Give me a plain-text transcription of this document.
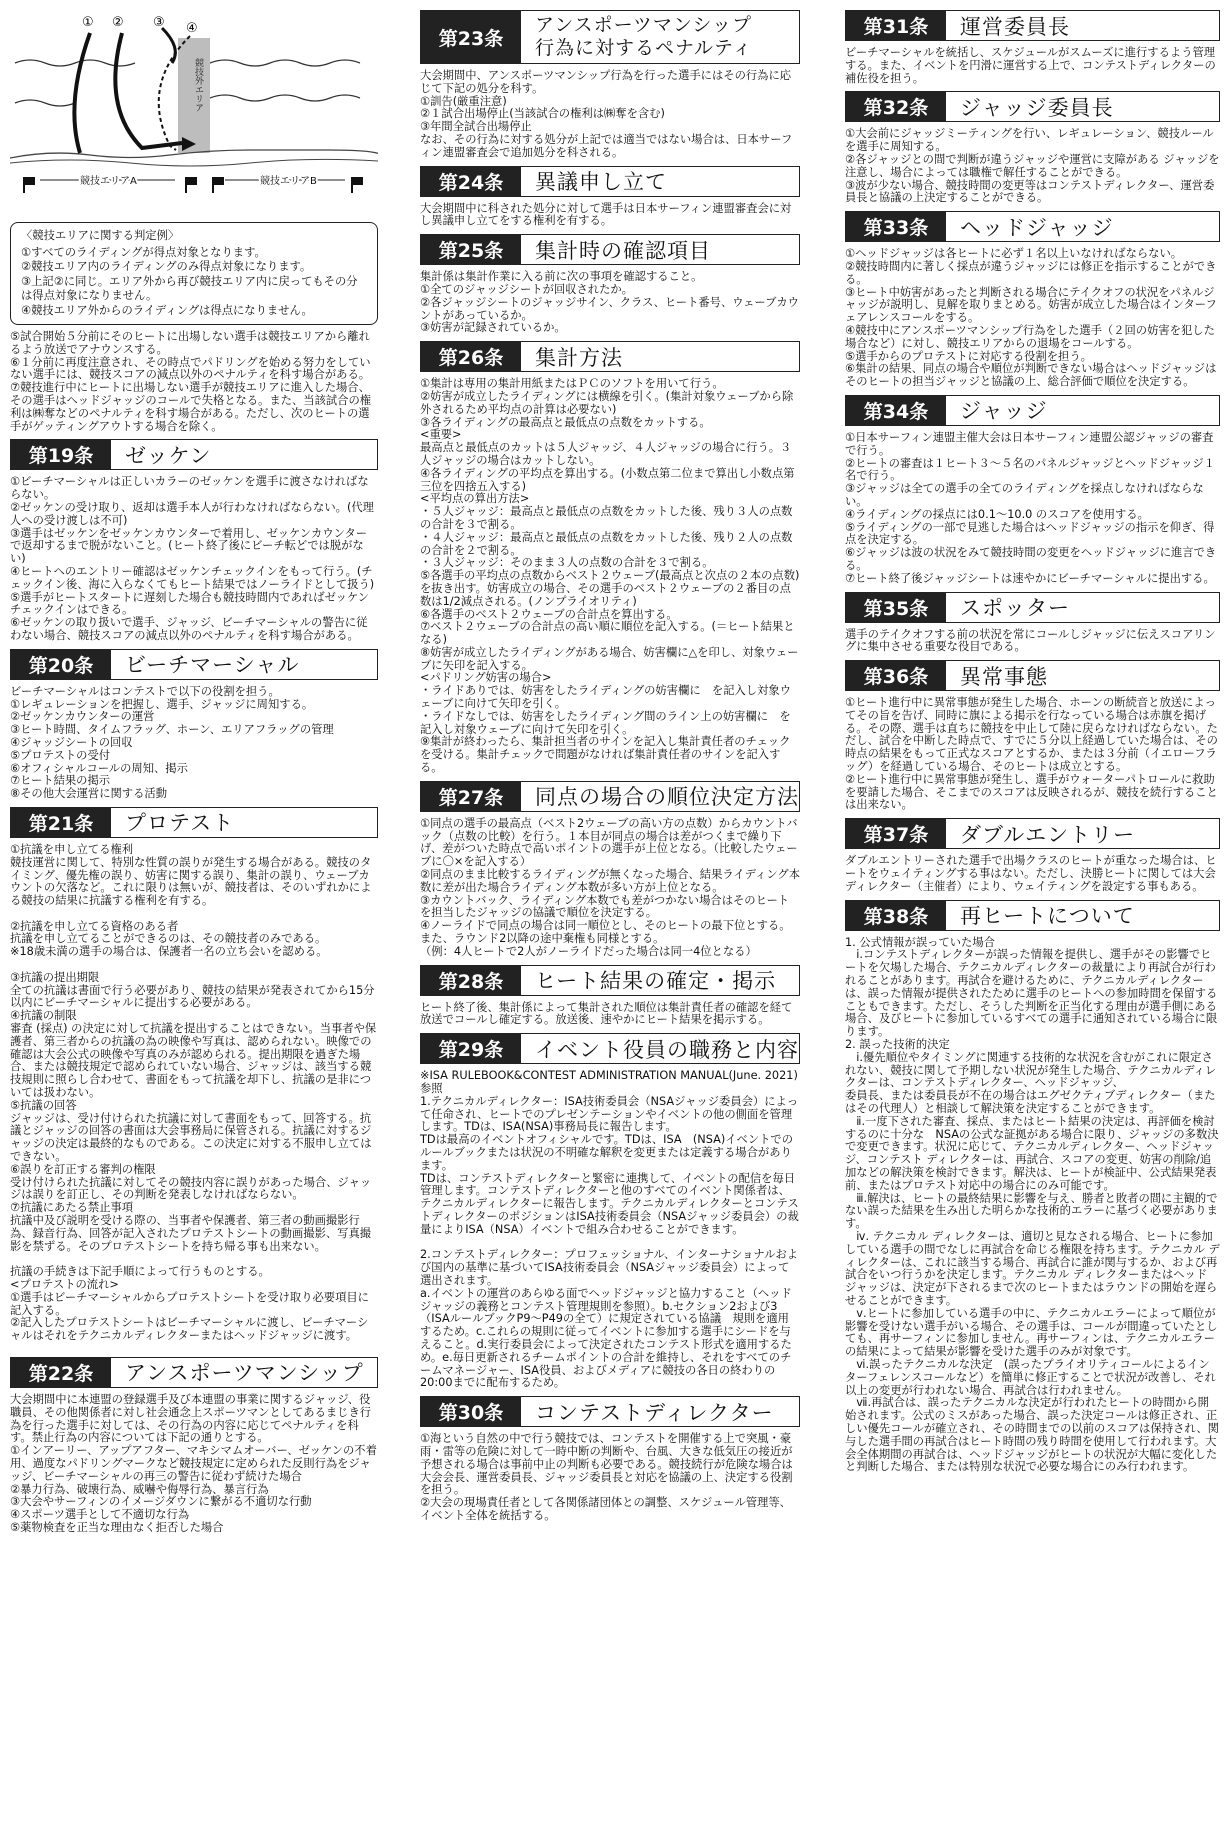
競技外エリア
① ② ③ ④
競技エリアA	競技エリアB
〈競技エリアに関する判定例〉
①すべてのライディングが得点対象となります。
②競技エリア内のライディングのみ得点対象になります。
③上記②に同じ。エリア外から再び競技エリア内に戻ってもその分は得点対象になりません。
④競技エリア外からのライディングは得点になりません。

⑤試合開始５分前にそのヒートに出場しない選手は競技エリアから離れるよう放送でアナウンスする。
⑥１分前に再度注意され、その時点でパドリングを始める努力をしていない選手には、競技スコアの減点以外のペナルティを科す場合がある。
⑦競技進行中にヒートに出場しない選手が競技エリアに進入した場合、その選手はヘッドジャッジのコールで失格となる。また、当該試合の権利は㈱奪などのペナルティを科す場合がある。ただし、次のヒートの選手がゲッティングアウトする場合を除く。

第19条	ゼッケン

①ビーチマーシャルは正しいカラーのゼッケンを選手に渡さなければならない。
②ゼッケンの受け取り、返却は選手本人が行わなければならない。(代理人への受け渡しは不可)
③選手はゼッケンをゼッケンカウンターで着用し、ゼッケンカウンターで返却するまで脱がないこと。(ヒート終了後にビーチ転どでは脱がない)
④ヒートへのエントリー確認はゼッケンチェックインをもって行う。(チェックイン後、海に入らなくてもヒート結果ではノーライドとして扱う)
⑤選手がヒートスタートに遅刻した場合も競技時間内であればゼッケンチェックインはできる。
⑥ゼッケンの取り扱いで選手、ジャッジ、ビーチマーシャルの警告に従わない場合、競技スコアの減点以外のペナルティを科す場合がある。

第20条	ビーチマーシャル

ビーチマーシャルはコンテストで以下の役割を担う。
①レギュレーションを把握し、選手、ジャッジに周知する。
②ゼッケンカウンターの運営
③ヒート時間、タイムフラッグ、ホーン、エリアフラッグの管理
④ジャッジシートの回収
⑤プロテストの受付
⑥オフィシャルコールの周知、掲示
⑦ヒート結果の掲示
⑧その他大会運営に関する活動

第21条	プロテスト

①抗議を申し立てる権利
競技運営に関して、特別な性質の誤りが発生する場合がある。競技のタイミング、優先権の誤り、妨害に関する誤り、集計の誤り、ウェーブカウントの欠落など。これに限りは無いが、競技者は、そのいずれかによる競技の結果に抗議する権利を有する。

②抗議を申し立てる資格のある者
抗議を申し立てることができるのは、その競技者のみである。
※18歳未満の選手の場合は、保護者一名の立ち会いを認める。

③抗議の提出期限
全ての抗議は書面で行う必要があり、競技の結果が発表されてから15分以内にビーチマーシャルに提出する必要がある。
④抗議の制限
審査 (採点) の決定に対して抗議を提出することはできない。当事者や保護者、第三者からの抗議の為の映像や写真は、認められない。映像での確認は大会公式の映像や写真のみが認められる。提出期限を過ぎた場合、または競技規定で認められていない場合、ジャッジは、該当する競技規則に照らし合わせて、書面をもって抗議を却下し、抗議の是非については扱わない。
⑤抗議の回答
ジャッジは、受け付けられた抗議に対して書面をもって、回答する。抗議とジャッジの回答の書面は大会事務局に保管される。抗議に対するジャッジの決定は最終的なものである。この決定に対する不服申し立てはできない。
⑥誤りを訂正する審判の権限
受け付けられた抗議に対してその競技内容に誤りがあった場合、ジャッジは誤りを訂正し、その判断を発表しなければならない。
⑦抗議にあたる禁止事項
抗議中及び説明を受ける際の、当事者や保護者、第三者の動画撮影行為、録音行為、回答が記入されたプロテストシートの動画撮影、写真撮影を禁ずる。そのプロテストシートを持ち帰る事も出来ない。

抗議の手続きは下記手順によって行うものとする。
<プロテストの流れ>
①選手はビーチマーシャルからプロテストシートを受け取り必要項目に記入する。
②記入したプロテストシートはビーチマーシャルに渡し、ビーチマーシャルはそれをテクニカルディレクターまたはヘッドジャッジに渡す。

第22条	アンスポーツマンシップ

大会期間中に本連盟の登録選手及び本連盟の事業に関するジャッジ、役職員、その他関係者に対し社会通念上スポーツマンとしてあるまじき行為を行った選手に対しては、その行為の内容に応じてペナルティを科す。禁止行為の内容については下記の通りとする。
①インアーリー、アップアフター、マキシマムオーバー、ゼッケンの不着用、過度なパドリングマークなど競技規定に定められた反則行為をジャッジ、ビーチマーシャルの再三の警告に従わず続けた場合
②暴力行為、破壊行為、威嚇や侮辱行為、暴言行為
③大会やサーフィンのイメージダウンに繋がる不適切な行動
④スポーツ選手として不適切な行為
⑤薬物検査を正当な理由なく拒否した場合

第23条
アンスポーツマンシップ
行為に対するペナルティ

大会期間中、アンスポーツマンシップ行為を行った選手にはその行為に応じて下記の処分を科す。
①訓告(厳重注意)
②１試合出場停止(当該試合の権利は㈱奪を含む)
③年間全試合出場停止
なお、その行為に対する処分が上記では適当ではない場合は、日本サーフィン連盟審査会で追加処分を科される。

第24条	異議申し立て

大会期間中に科された処分に対して選手は日本サーフィン連盟審査会に対し異議申し立てをする権利を有する。

第25条	集計時の確認項目

集計係は集計作業に入る前に次の事項を確認すること。
①全てのジャッジシートが回収されたか。
②各ジャッジシートのジャッジサイン、クラス、ヒート番号、ウェーブカウントがあっているか。
③妨害が記録されているか。

第26条	集計方法

①集計は専用の集計用紙またはＰＣのソフトを用いて行う。
②妨害が成立したライディングには横線を引く。(集計対象ウェーブから除外されるため平均点の計算は必要ない)
③各ライディングの最高点と最低点の点数をカットする。
<重要>
最高点と最低点のカットは５人ジャッジ、４人ジャッジの場合に行う。３人ジャッジの場合はカットしない。
④各ライディングの平均点を算出する。(小数点第二位まで算出し小数点第三位を四捨五入する)
<平均点の算出方法>
・５人ジャッジ：最高点と最低点の点数をカットした後、残り３人の点数の合計を３で割る。
・４人ジャッジ：最高点と最低点の点数をカットした後、残り２人の点数の合計を２で割る。
・３人ジャッジ：そのまま３人の点数の合計を３で割る。
⑤各選手の平均点の点数からベスト２ウェーブ(最高点と次点の２本の点数)を抜き出す。妨害成立の場合、その選手のベスト２ウェーブの２番目の点数は1/2減点される。(ノンプライオリティ)
⑥各選手のベスト２ウェーブの合計点を算出する。
⑦ベスト２ウェーブの合計点の高い順に順位を記入する。(＝ヒート結果となる)
⑧妨害が成立したライディングがある場合、妨害欄に△を印し、対象ウェーブに矢印を記入する。
<パドリング妨害の場合>
・ライドありでは、妨害をしたライディングの妨害欄に　を記入し対象ウェーブに向けて矢印を引く。
・ライドなしでは、妨害をしたライディング間のライン上の妨害欄に　を記入し対象ウェーブに向けて矢印を引く。
⑨集計が終わったら、集計担当者のサインを記入し集計責任者のチェックを受ける。集計チェックで問題がなければ集計責任者のサインを記入する。

第27条	同点の場合の順位決定方法

①同点の選手の最高点（ベスト2ウェーブの高い方の点数）からカウントバック（点数の比較）を行う。１本目が同点の場合は差がつくまで繰り下げ、差がついた時点で高いポイントの選手が上位となる。（比較したウェーブに〇×を記入する）
②同点のまま比較するライディングが無くなった場合、結果ライディング本数に差が出た場合ライディング本数が多い方が上位となる。
③カウントバック、ライディング本数でも差がつかない場合はそのヒートを担当したジャッジの協議で順位を決定する。
④ノーライドで同点の場合は同一順位とし、そのヒートの最下位とする。また、ラウンド2以降の途中棄権も同様とする。
（例：4人ヒートで2人がノーライドだった場合は同一4位となる）

第28条	ヒート結果の確定・掲示

ヒート終了後、集計係によって集計された順位は集計責任者の確認を経て放送でコールし確定する。放送後、速やかにヒート結果を掲示する。

第29条	イベント役員の職務と内容

※ISA RULEBOOK&CONTEST ADMINISTRATION MANUAL(June. 2021)参照
1.テクニカルディレクター：ISA技術委員会（NSAジャッジ委員会）によって任命され、ヒートでのプレゼンテーションやイベントの他の側面を管理します。TDは、ISA(NSA)事務局長に報告します。
TDは最高のイベントオフィシャルです。TDは、ISA　(NSA)イベントでのルールブックまたは状況の不明確な解釈を変更または定義する場合があります。
TDは、コンテストディレクターと緊密に連携して、イベントの配信を毎日管理します。コンテストディレクターと他のすべてのイベント関係者は、テクニカルディレクターに報告します。テクニカルディレクターとコンテストディレクターのポジションはISA技術委員会（NSAジャッジ委員会）の裁量によりISA（NSA）イベントで組み合わせることができます。

2.コンテストディレクター：プロフェッショナル、インターナショナルおよび国内の基準に基づいてISA技術委員会（NSAジャッジ委員会）によって選出されます。
a.イベントの運営のあらゆる面でヘッドジャッジと協力すること（ヘッドジャッジの義務とコンテスト管理規則を参照）。b.セクション2および3（ISAルールブックP9〜P49の全て）に規定されている協議　規則を適用するため。c.これらの規則に従ってイベントに参加する選手にシードを与えること。d.実行委員会によって決定されたコンテスト形式を適用するため。e.毎日更新されるチームポイントの合計を維持し、それをすべてのチームマネージャー、ISA役員、およびメディアに競技の各日の終わりの20:00までに配布するため。

第30条	コンテストディレクター

①海という自然の中で行う競技では、コンテストを開催する上で突風・豪雨・雷等の危険に対して一時中断の判断や、台風、大きな低気圧の接近が予想される場合は事前中止の判断も必要である。競技続行が危険な場合は大会会長、運営委員長、ジャッジ委員長と対応を協議の上、決定する役割を担う。
②大会の現場責任者として各関係諸団体との調整、スケジュール管理等、イベント全体を統括する。

第31条	運営委員長

ビーチマーシャルを統括し、スケジュールがスムーズに進行するよう管理する。また、イベントを円滑に運営する上で、コンテストディレクターの補佐役を担う。

第32条	ジャッジ委員長

①大会前にジャッジミーティングを行い、レギュレーション、競技ルールを選手に周知する。
②各ジャッジとの間で判断が違うジャッジや運営に支障がある ジャッジを注意し、場合によっては職権で解任することができる。
③波が少ない場合、競技時間の変更等はコンテストディレクター、運営委員長と協議の上決定することができる。

第33条	ヘッドジャッジ

①ヘッドジャッジは各ヒートに必ず１名以上いなければならない。
②競技時間内に著しく採点が違うジャッジには修正を指示することができる。
③ヒート中妨害があったと判断される場合にテイクオフの状況をパネルジャッジが説明し、見解を取りまとめる。妨害が成立した場合はインターフェアレンスコールをする。
④競技中にアンスポーツマンシップ行為をした選手（２回の妨害を犯した場合など）に対し、競技エリアからの退場をコールする。
⑤選手からのプロテストに対応する役割を担う。
⑥集計の結果、同点の場合や順位が判断できない場合はヘッドジャッジはそのヒートの担当ジャッジと協議の上、総合評価で順位を決定する。

第34条	ジャッジ

①日本サーフィン連盟主催大会は日本サーフィン連盟公認ジャッジの審査で行う。
②ヒートの審査は１ヒート３〜５名のパネルジャッジとヘッドジャッジ１名で行う。
③ジャッジは全ての選手の全てのライディングを採点しなければならない。
④ライディングの採点には0.1〜10.0 のスコアを使用する。
⑤ライディングの一部で見逃した場合はヘッドジャッジの指示を仰ぎ、得点を決定する。
⑥ジャッジは波の状況をみて競技時間の変更をヘッドジャッジに進言できる。
⑦ヒート終了後ジャッジシートは速やかにビーチマーシャルに提出する。

第35条	スポッター

選手のテイクオフする前の状況を常にコールしジャッジに伝えスコアリングに集中させる重要な役目である。

第36条	異常事態

①ヒート進行中に異常事態が発生した場合、ホーンの断続音と放送によってその旨を告げ、同時に旗による掲示を行なっている場合は赤旗を掲げる。その際、選手は直ちに競技を中止して陸に戻らなければならない。ただし、試合を中断した時点で、すでに５分以上経過していた場合は、その時点の結果をもって正式なスコアとするか、または３分前（イエローフラッグ）を経過している場合、そのヒートは成立とする。
②ヒート進行中に異常事態が発生し、選手がウォーターパトロールに救助を要請した場合、そこまでのスコアは反映されるが、競技を続行することは出来ない。

第37条	ダブルエントリー

ダブルエントリーされた選手で出場クラスのヒートが重なった場合は、ヒートをウェイティングする事はない。ただし、決勝ヒートに関しては大会ディレクター（主催者）により、ウェイティングを設定する事もある。

第38条	再ヒートについて

1. 公式情報が誤っていた場合
　ⅰ.コンテストディレクターが誤った情報を提供し、選手がその影響でヒートを欠場した場合、テクニカルディレクターの裁量により再試合が行われることがあります。再試合を避けるために、テクニカルディレクターは、誤った情報が提供されたために選手のヒートへの参加時間を保留することもできます。ただし、そうした判断を正当化する理由が選手側にある場合、及びヒートに参加しているすべての選手に通知されている場合に限ります。
2. 誤った技術的決定
　ⅰ.優先順位やタイミングに関連する技術的な状況を含むがこれに限定されない、競技に関して予期しない状況が発生した場合、テクニカルディレクターは、コンテストディレクター、ヘッドジャッジ、
委員長、または委員長が不在の場合はエグゼクティブディレクター（またはその代理人）と相談して解決策を決定することができます。
　ⅱ.一度下された審査、採点、またはヒート結果の決定は、再評価を検討するのに十分な　NSAの公式な証拠がある場合に限り、ジャッジの多数決で変更できます。状況に応じて、テクニカルディレクター、ヘッドジャッジ、コンテスト ディレクターは、再試合、スコアの変更、妨害の削除/追加などの解決策を検討できます。解決は、ヒートが検証中、公式結果発表前、またはプロテスト対応中の場合にのみ可能です。
　ⅲ.解決は、ヒートの最終結果に影響を与え、勝者と敗者の間に主観的でない誤った結果を生み出した明らかな技術的エラーに基づく必要があります。
　ⅳ. テクニカル ディレクターは、適切と見なされる場合、ヒートに参加している選手の間でなしに再試合を命じる権限を持ちます。テクニカル ディレクターは、これに該当する場合、再試合に誰が関与するか、および再試合をいつ行うかを決定します。テクニカル ディレクターまたはヘッド ジャッジは、決定が下されるまで次のヒートまたはラウンドの開始を遅らせることができます。
　ⅴ.ヒートに参加している選手の中に、テクニカルエラーによって順位が影響を受けない選手がいる場合、その選手は、コールが間違っていたとしても、再サーフィンに参加しません。再サーフィンは、テクニカルエラーの結果によって結果が影響を受けた選手のみが対象です。
　ⅵ.誤ったテクニカルな決定　(誤ったプライオリティコールによるインターフェレンスコールなど）を簡単に修正することで状況が改善し、それ以上の変更が行われない場合、再試合は行われません。
　ⅶ.再試合は、誤ったテクニカルな決定が行われたヒートの時間から開始されます。公式のミスがあった場合、誤った決定コールは修正され、正しい優先コールが確立され、その時間までの以前のスコアは保持され、関与した選手間の再試合はヒート時間の残り時間を使用して行われます。大会全体期間の再試合は、ヘッドジャッジがヒートの状況が大幅に変化したと判断した場合、または特別な状況で必要な場合にのみ行われます。
